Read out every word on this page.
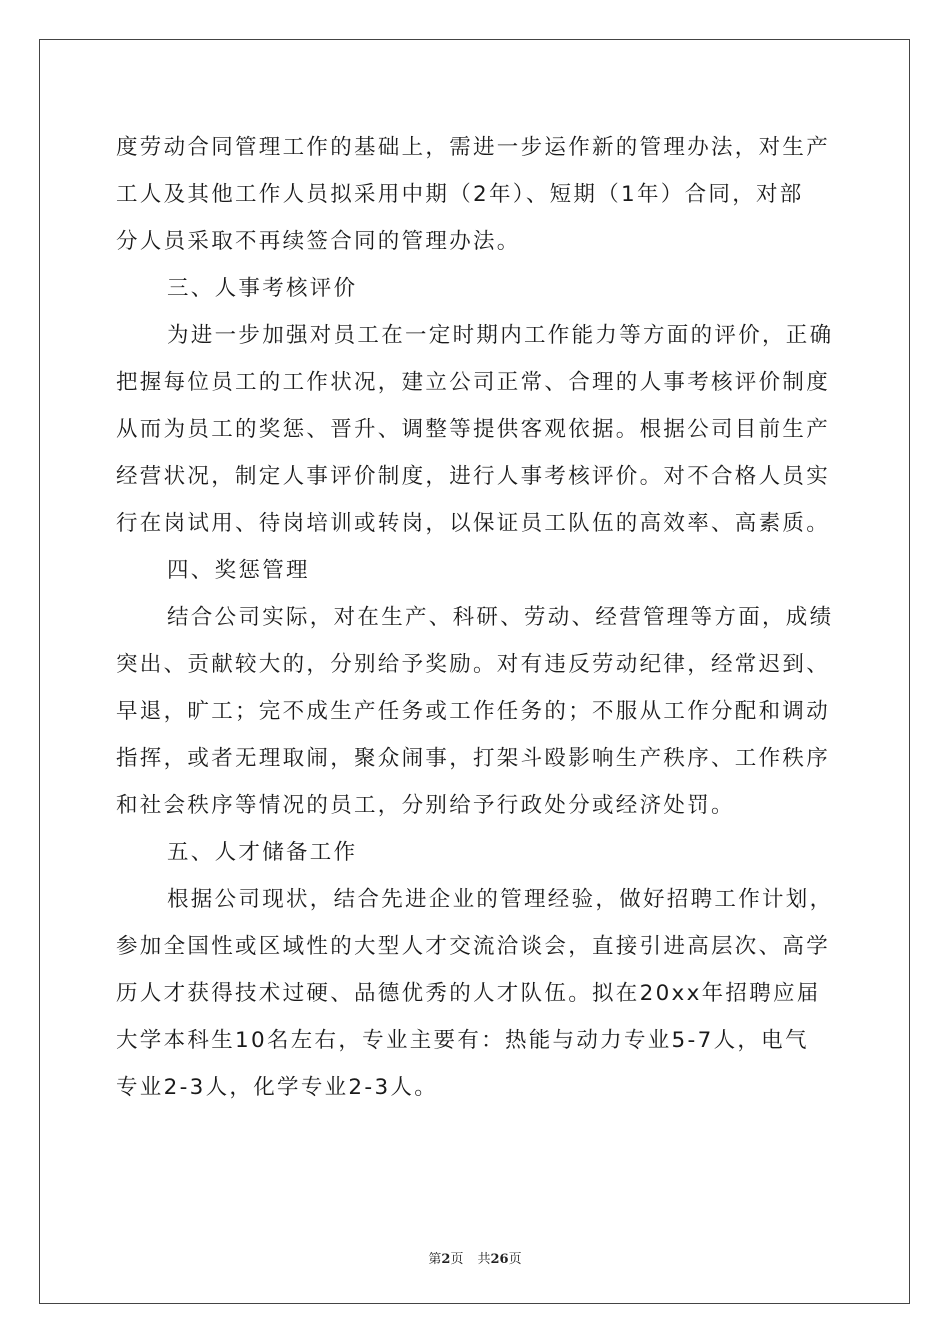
度劳动合同管理工作的基础上，需进一步运作新的管理办法，对生产
工人及其他工作人员拟采用中期（2年）、短期（1年）合同，对部
分人员采取不再续签合同的管理办法。
三、人事考核评价
为进一步加强对员工在一定时期内工作能力等方面的评价，正确
把握每位员工的工作状况，建立公司正常、合理的人事考核评价制度
从而为员工的奖惩、晋升、调整等提供客观依据。根据公司目前生产
经营状况，制定人事评价制度，进行人事考核评价。对不合格人员实
行在岗试用、待岗培训或转岗，以保证员工队伍的高效率、高素质。
四、奖惩管理
结合公司实际，对在生产、科研、劳动、经营管理等方面，成绩
突出、贡献较大的，分别给予奖励。对有违反劳动纪律，经常迟到、
早退，旷工；完不成生产任务或工作任务的；不服从工作分配和调动
指挥，或者无理取闹，聚众闹事，打架斗殴影响生产秩序、工作秩序
和社会秩序等情况的员工，分别给予行政处分或经济处罚。
五、人才储备工作
根据公司现状，结合先进企业的管理经验，做好招聘工作计划，
参加全国性或区域性的大型人才交流洽谈会，直接引进高层次、高学
历人才获得技术过硬、品德优秀的人才队伍。拟在20xx年招聘应届
大学本科生10名左右，专业主要有：热能与动力专业5-7人，电气
专业2-3人，化学专业2-3人。
第2页 共26页
